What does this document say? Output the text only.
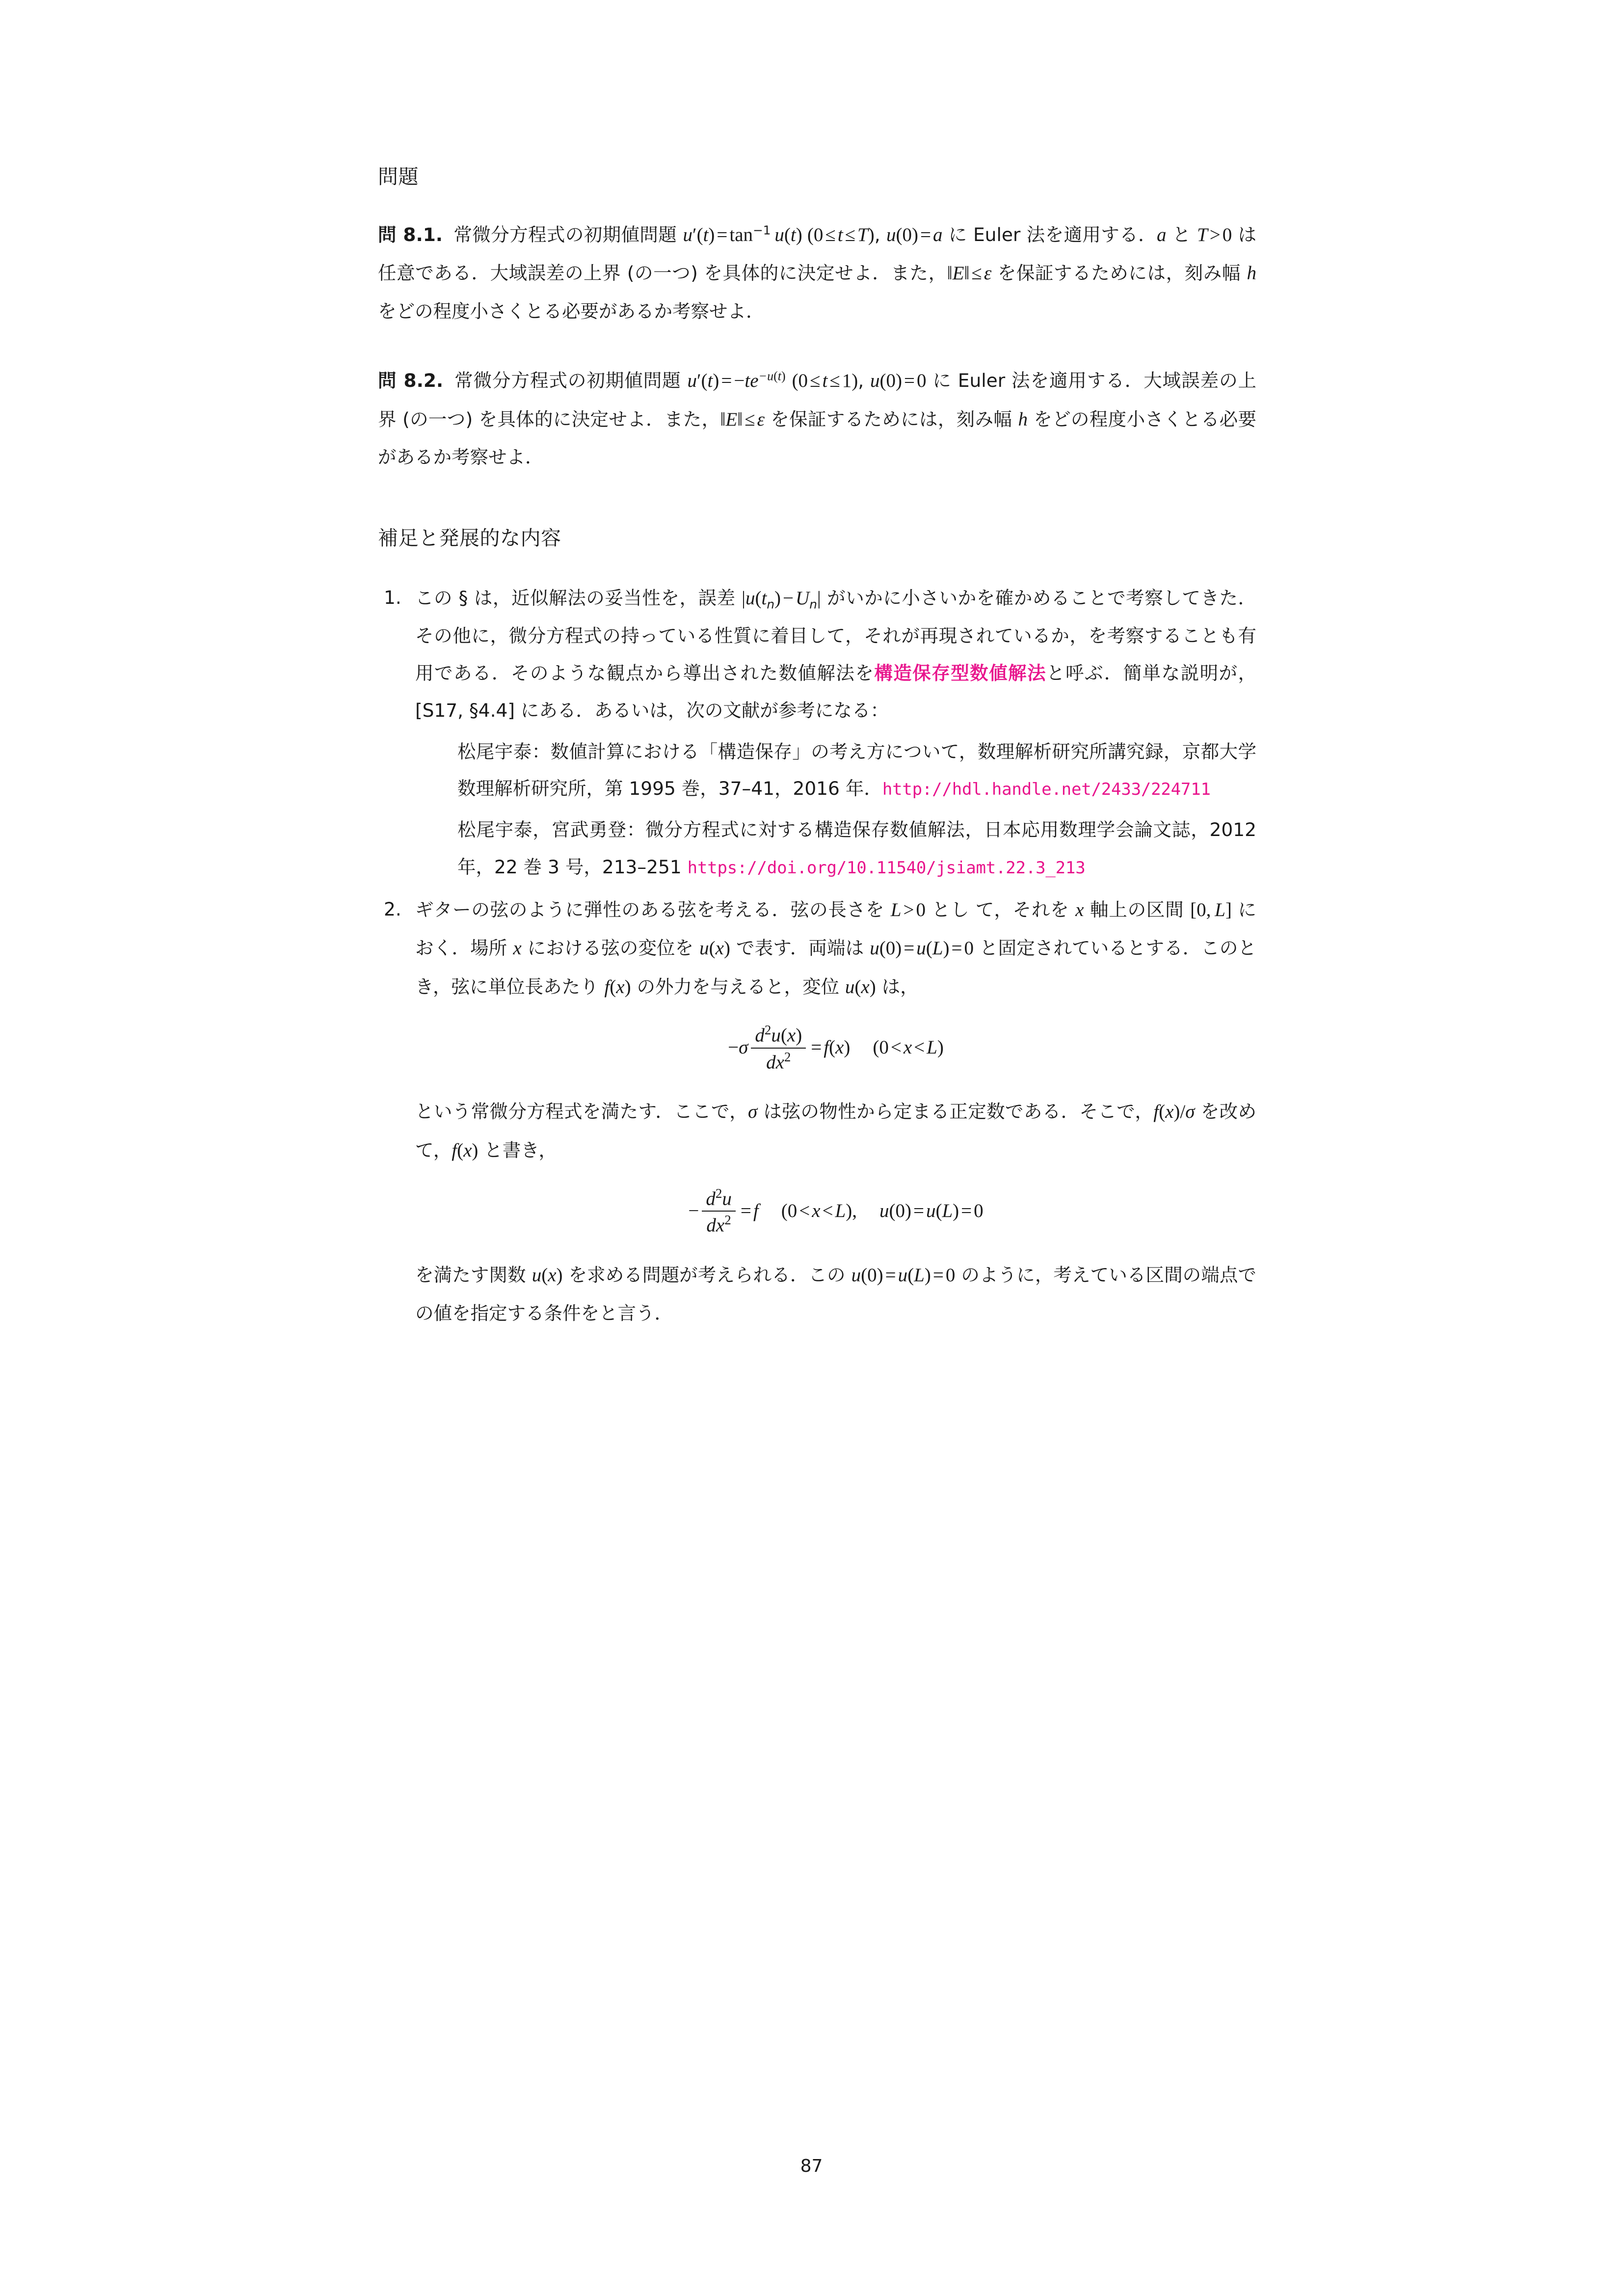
問題

問 8.1. 常微分方程式の初期値問題 $u'(t) = \tan^{-1} u(t) (0 \le t \le T)$, u(0) = a に Euler 法を適用する．a と T > 0 は任意である．大域誤差の上界 (の一つ) を具体的に決定せよ．また，‖E‖ ≤ ε を保証するためには，刻み幅 h をどの程度小さくとる必要があるか考察せよ．

問 8.2. 常微分方程式の初期値問題 $u'(t) = -te^{-u(t)}$ (0 ≤ t ≤ 1), u(0) = 0 に Euler 法を適用する．大域誤差の上界 (の一つ) を具体的に決定せよ．また，‖E‖ ≤ ε を保証するためには，刻み幅 h をどの程度小さくとる必要があるか考察せよ．

補足と発展的な内容
1. この § は，近似解法の妥当性を，誤差 $|u(t_n) - U_n|$ がいかに小さいかを確かめることで考察してきた．その他に，微分方程式の持っている性質に着目して，それが再現されているか，を考察することも有用である．そのような観点から導出された数値解法を構造保存型数値解法と呼ぶ．簡単な説明が，[S17, §4.4] にある．あるいは，次の文献が参考になる：

松尾宇泰：数値計算における「構造保存」の考え方について，数理解析研究所講究録，京都大学数理解析研究所，第 1995 巻，37–41，2016 年．http://hdl.handle.net/2433/224711

松尾宇泰，宮武勇登：微分方程式に対する構造保存数値解法，日本応用数理学会論文誌，2012 年，22 巻 3 号，213–251 https://doi.org/10.11540/jsiamt.22.3_213

2. ギターの弦のように弾性のある弦を考える．弦の長さを L > 0 とし て，それを x 軸上の区間 [0, L] におく．場所 x における弦の変位を u(x) で表す．両端は u(0) = u(L) = 0 と固定されているとする．このとき，弦に単位長あたり f(x) の外力を与えると，変位 u(x) は，

$-\sigma \frac{d^2u(x)}{dx^2} = f(x) (0 < x < L)$

という常微分方程式を満たす．ここで，σ は弦の物性から定まる正定数である．そこで，f(x)/σ を改めて，f(x) と書き，

− $\frac{d^2u}{dx^2} = f$ (0 < x < L), u(0) = u(L) = 0

を満たす関数 u(x) を求める問題が考えられる．この u(0) = u(L) = 0 のように，考えている区間の端点での値を指定する条件をと言う．

87
